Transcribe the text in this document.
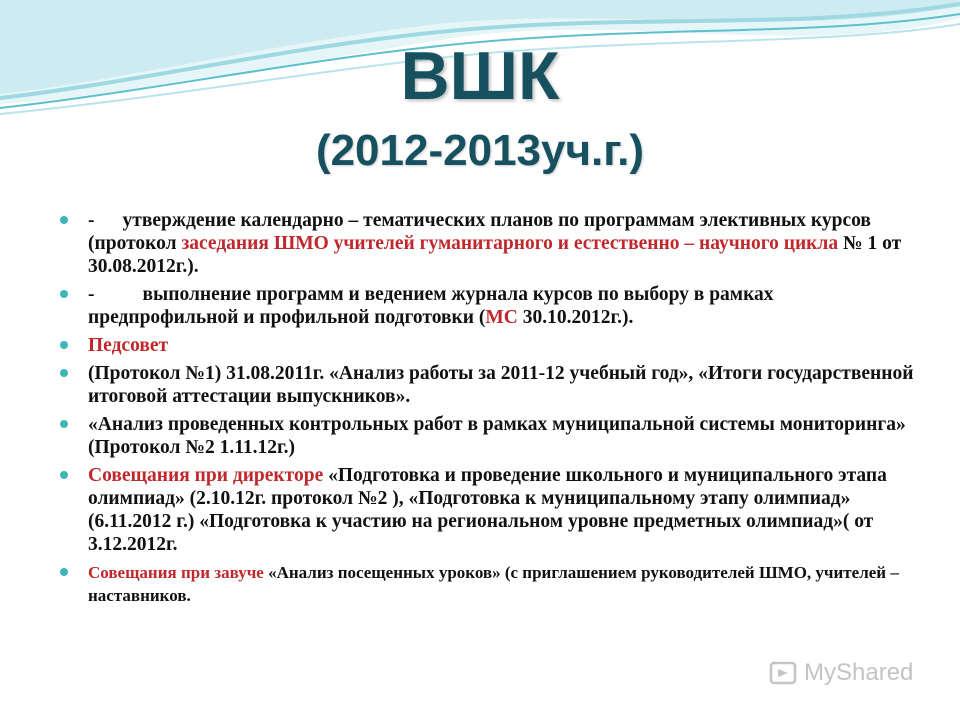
ВШК
(2012-2013уч.г.)
- утверждение календарно – тематических планов по программам элективных курсов (протокол заседания ШМО учителей гуманитарного и естественно – научного цикла № 1 от 30.08.2012г.).
- выполнение программ и ведением журнала курсов по выбору в рамках предпрофильной и профильной подготовки (МС 30.10.2012г.).
Педсовет
(Протокол №1) 31.08.2011г. «Анализ работы за 2011-12 учебный год», «Итоги государственной итоговой аттестации выпускников».
«Анализ проведенных контрольных работ в рамках муниципальной системы мониторинга» (Протокол №2 1.11.12г.)
Совещания при директоре «Подготовка и проведение школьного и муниципального этапа олимпиад» (2.10.12г. протокол №2 ), «Подготовка к муниципальному этапу олимпиад» (6.11.2012 г.) «Подготовка к участию на региональном уровне предметных олимпиад»( от 3.12.2012г.
Совещания при завуче «Анализ посещенных уроков» (с приглашением руководителей ШМО, учителей – наставников.
MyShared
